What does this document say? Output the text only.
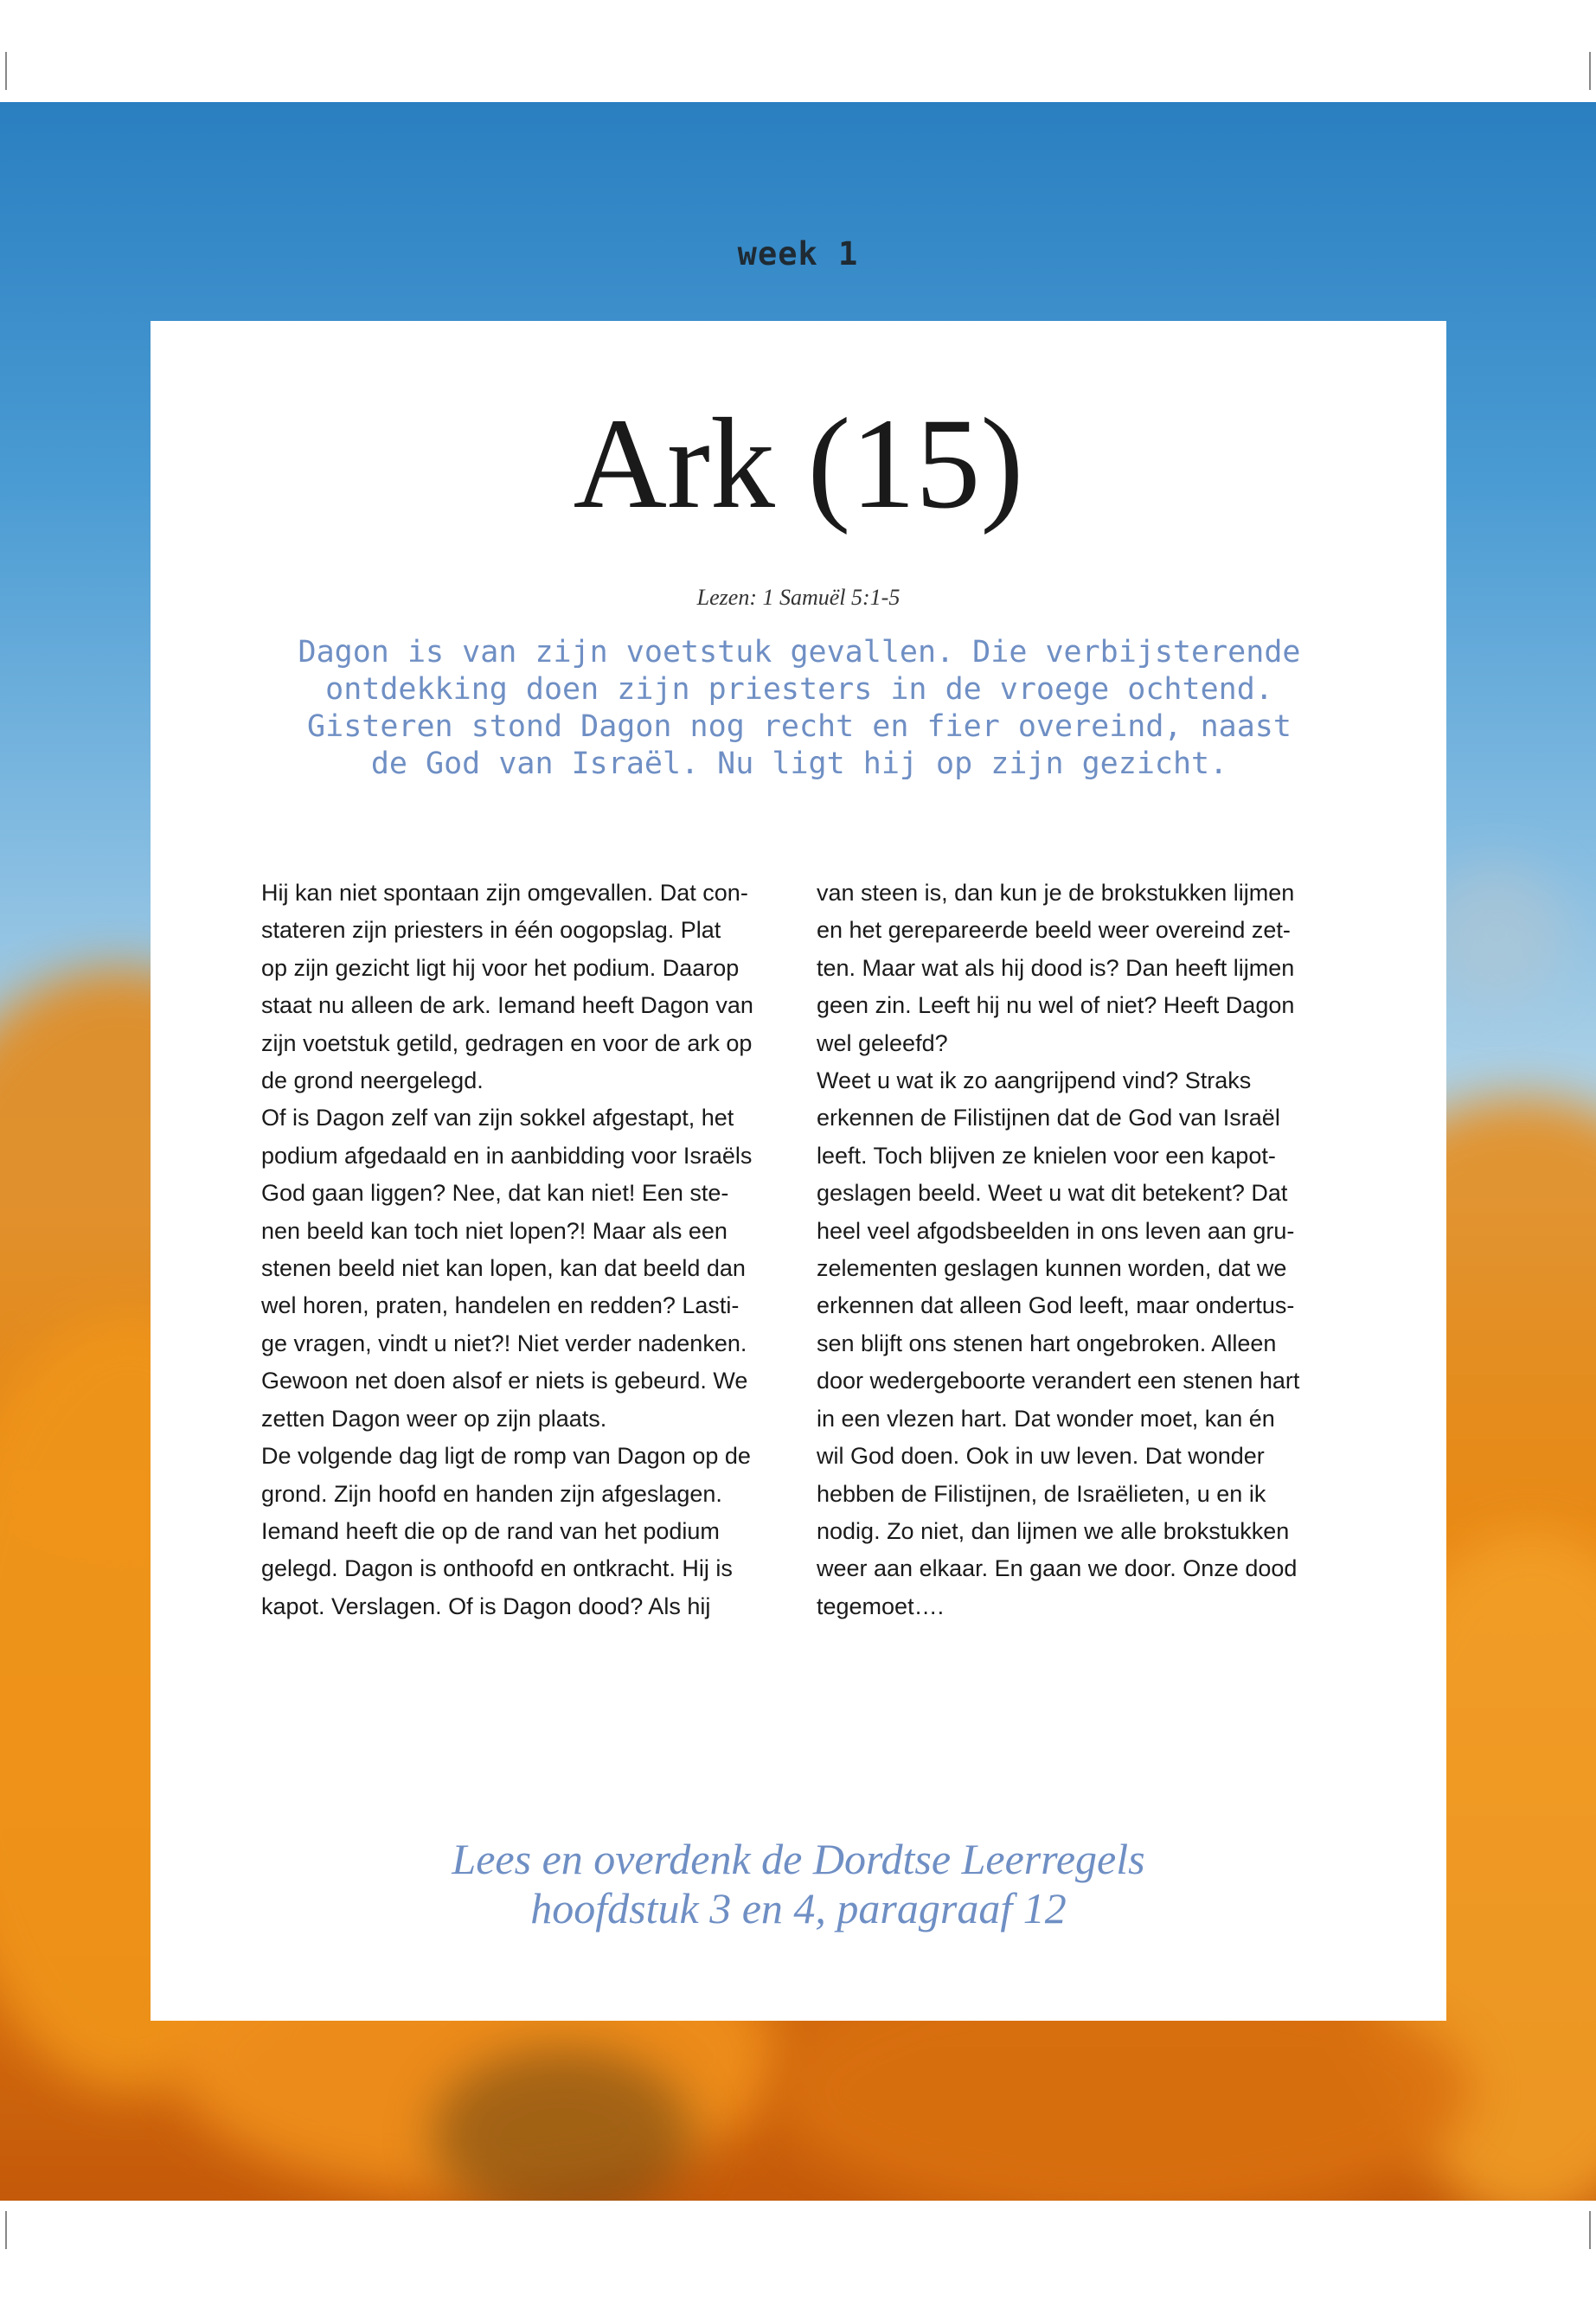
week 1
Ark (15)
Lezen: 1 Samuël 5:1-5
Dagon is van zijn voetstuk gevallen. Die verbijsterende
ontdekking doen zijn priesters in de vroege ochtend.
Gisteren stond Dagon nog recht en fier overeind, naast
de God van Israël. Nu ligt hij op zijn gezicht.

Hij kan niet spontaan zijn omgevallen. Dat con-

stateren zijn priesters in één oogopslag. Plat

op zijn gezicht ligt hij voor het podium. Daarop

staat nu alleen de ark. Iemand heeft Dagon van

zijn voetstuk getild, gedragen en voor de ark op

de grond neergelegd.

Of is Dagon zelf van zijn sokkel afgestapt, het

podium afgedaald en in aanbidding voor Israëls

God gaan liggen? Nee, dat kan niet! Een ste-

nen beeld kan toch niet lopen?! Maar als een

stenen beeld niet kan lopen, kan dat beeld dan

wel horen, praten, handelen en redden? Lasti-

ge vragen, vindt u niet?! Niet verder nadenken.

Gewoon net doen alsof er niets is gebeurd. We

zetten Dagon weer op zijn plaats.

De volgende dag ligt de romp van Dagon op de

grond. Zijn hoofd en handen zijn afgeslagen.

Iemand heeft die op de rand van het podium

gelegd. Dagon is onthoofd en ontkracht. Hij is

kapot. Verslagen. Of is Dagon dood? Als hij

van steen is, dan kun je de brokstukken lijmen

en het gerepareerde beeld weer overeind zet-

ten. Maar wat als hij dood is? Dan heeft lijmen

geen zin. Leeft hij nu wel of niet? Heeft Dagon

wel geleefd?

Weet u wat ik zo aangrijpend vind? Straks

erkennen de Filistijnen dat de God van Israël

leeft. Toch blijven ze knielen voor een kapot-

geslagen beeld. Weet u wat dit betekent? Dat

heel veel afgodsbeelden in ons leven aan gru-

zelementen geslagen kunnen worden, dat we

erkennen dat alleen God leeft, maar ondertus-

sen blijft ons stenen hart ongebroken. Alleen

door wedergeboorte verandert een stenen hart

in een vlezen hart. Dat wonder moet, kan én

wil God doen. Ook in uw leven. Dat wonder

hebben de Filistijnen, de Israëlieten, u en ik

nodig. Zo niet, dan lijmen we alle brokstukken

weer aan elkaar. En gaan we door. Onze dood

tegemoet….

Lees en overdenk de Dordtse Leerregels
hoofdstuk 3 en 4, paragraaf 12
